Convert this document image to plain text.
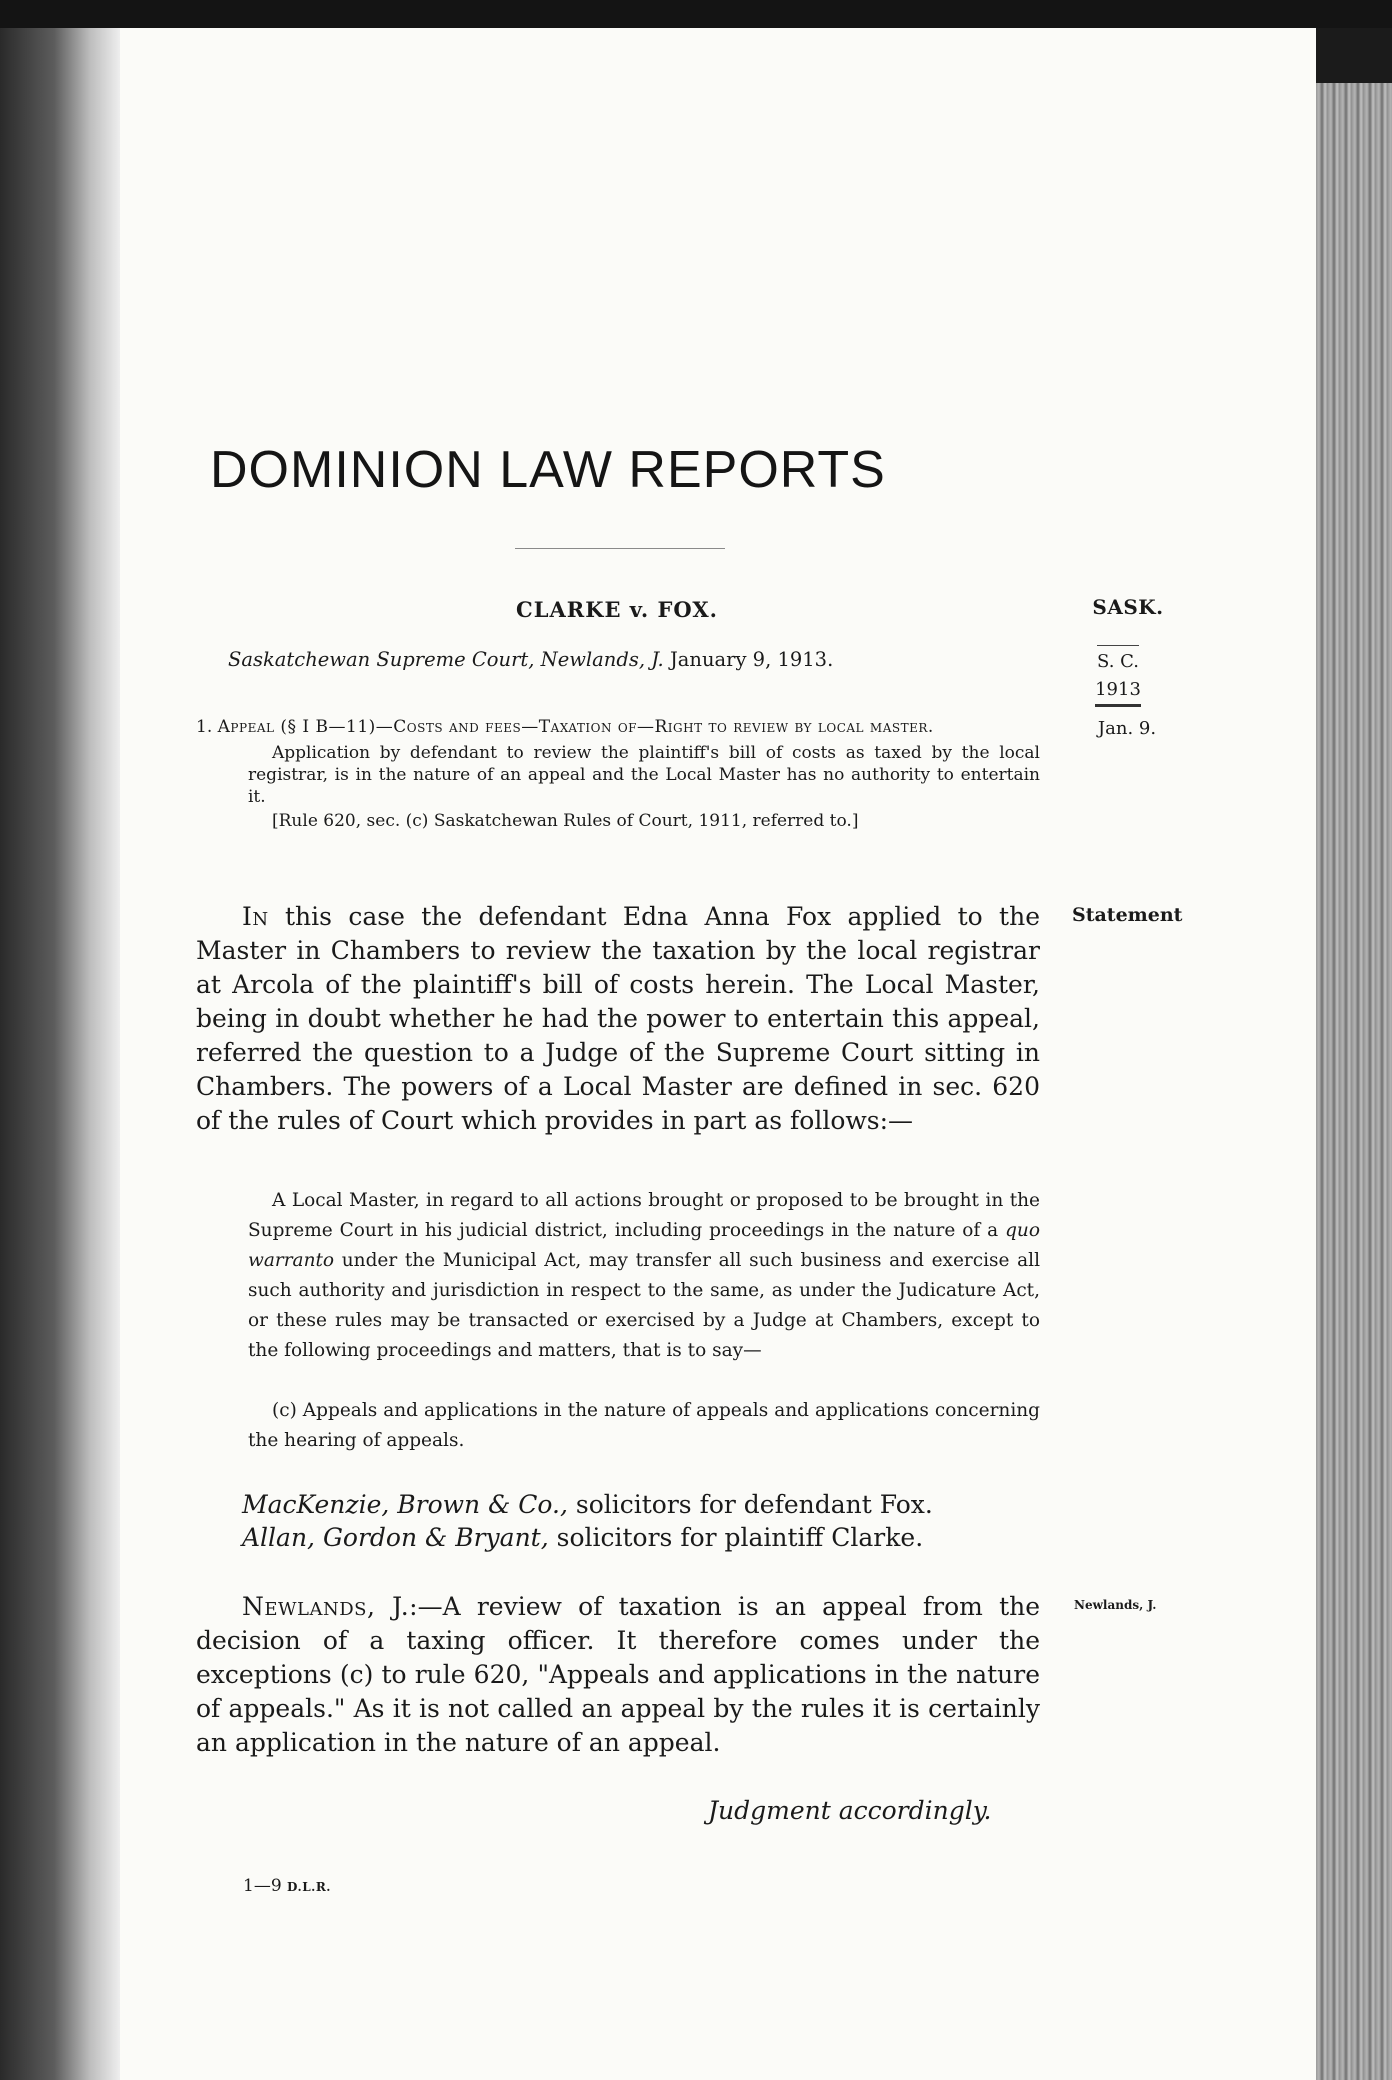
DOMINION LAW REPORTS
CLARKE v. FOX.
Saskatchewan Supreme Court, Newlands, J. January 9, 1913.
SASK.
S. C.
1913
Jan. 9.
1. Appeal (§ I B—11)—Costs and fees—Taxation of—Right to review by local master.
Application by defendant to review the plaintiff's bill of costs as taxed by the local registrar, is in the nature of an appeal and the Local Master has no authority to entertain it.
[Rule 620, sec. (c) Saskatchewan Rules of Court, 1911, referred to.]
Statement

In this case the defendant Edna Anna Fox applied to the Master in Chambers to review the taxation by the local registrar at Arcola of the plaintiff's bill of costs herein. The Local Master, being in doubt whether he had the power to entertain this appeal, referred the question to a Judge of the Supreme Court sitting in Chambers. The powers of a Local Master are defined in sec. 620 of the rules of Court which provides in part as follows:—

A Local Master, in regard to all actions brought or proposed to be brought in the Supreme Court in his judicial district, including proceedings in the nature of a quo warranto under the Municipal Act, may transfer all such business and exercise all such authority and jurisdiction in respect to the same, as under the Judicature Act, or these rules may be transacted or exercised by a Judge at Chambers, except to the following proceedings and matters, that is to say—

(c) Appeals and applications in the nature of appeals and applications concerning the hearing of appeals.

MacKenzie, Brown & Co., solicitors for defendant Fox.
Allan, Gordon & Bryant, solicitors for plaintiff Clarke.
Newlands, J.

Newlands, J.:—A review of taxation is an appeal from the decision of a taxing officer. It therefore comes under the exceptions (c) to rule 620, "Appeals and applications in the nature of appeals." As it is not called an appeal by the rules it is certainly an application in the nature of an appeal.

Judgment accordingly.
1—9 D.L.R.
